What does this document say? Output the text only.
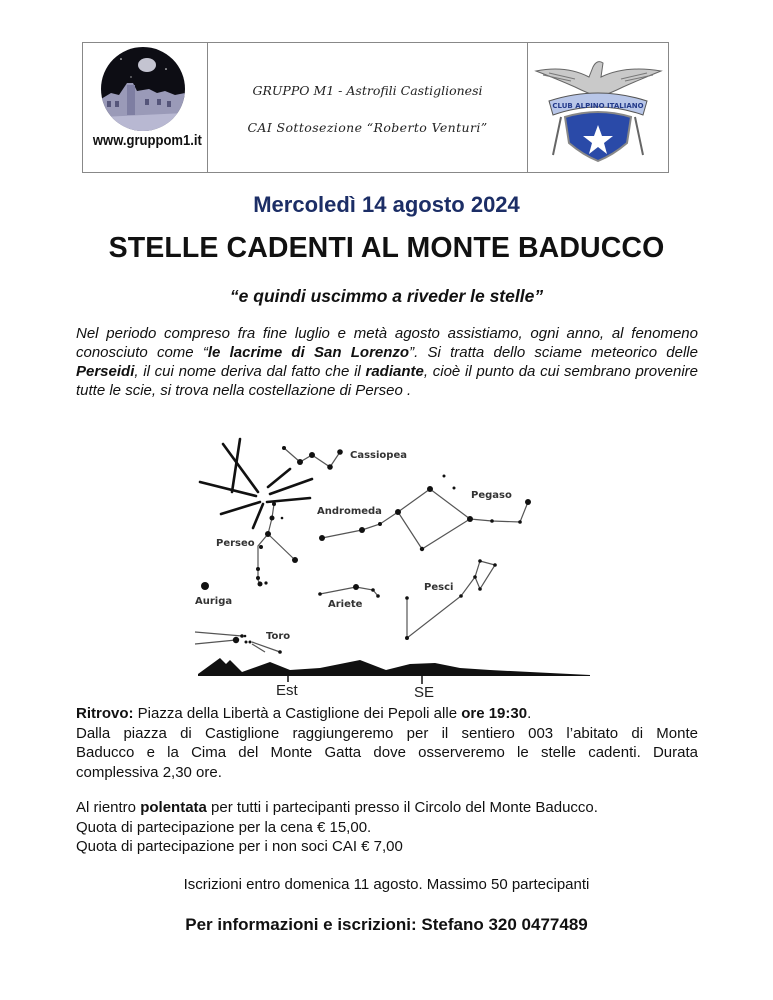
www.gruppom1.it
GRUPPO M1 - Astrofili Castiglionesi
CAI Sottosezione “Roberto Venturi”
CLUB ALPINO ITALIANO
Mercoledì 14 agosto 2024
STELLE CADENTI AL MONTE BADUCCO
“e quindi uscimmo a riveder le stelle”
Nel periodo compreso fra fine luglio e metà agosto assistiamo, ogni anno, al fenomeno conosciuto come “le lacrime di San Lorenzo”. Si tratta dello sciame meteorico delle Perseidi, il cui nome deriva dal fatto che il radiante, cioè il punto da cui sembrano provenire tutte le scie, si trova nella costellazione di Perseo .
Cassiopea
Andromeda
Pegaso
Perseo
Auriga	Ariete
Pesci
Toro
Est	SE
Ritrovo: Piazza della Libertà a Castiglione dei Pepoli alle ore 19:30.
Dalla piazza di Castiglione raggiungeremo per il sentiero 003 l’abitato di Monte
Baducco e la Cima del Monte Gatta dove osserveremo le stelle cadenti. Durata
complessiva 2,30 ore.
Al rientro polentata per tutti i partecipanti presso il Circolo del Monte Baducco.
Quota di partecipazione per la cena € 15,00.
Quota di partecipazione per i non soci CAI € 7,00
Iscrizioni entro domenica 11 agosto. Massimo 50 partecipanti
Per informazioni e iscrizioni: Stefano 320 0477489
